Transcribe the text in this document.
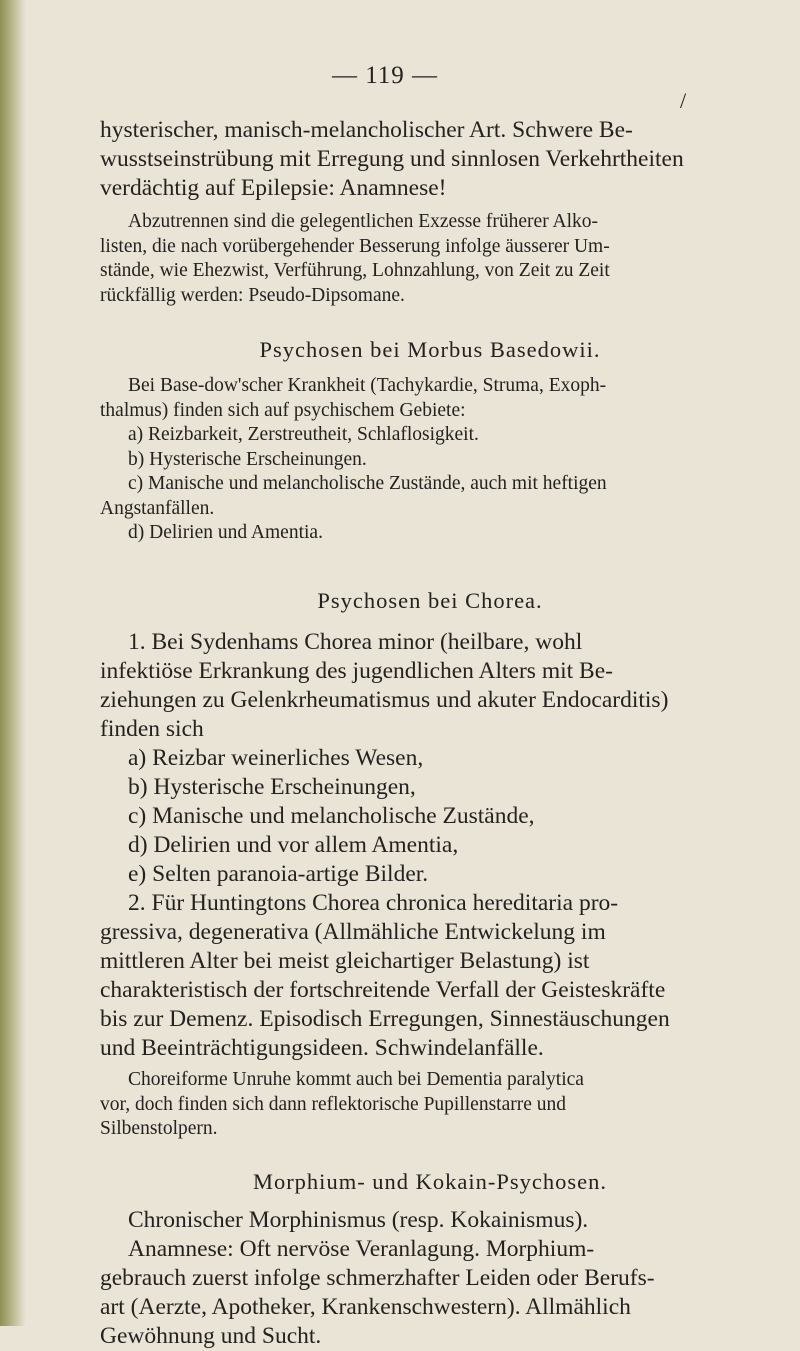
— 119 —
/
hysterischer, manisch-melancholischer Art. Schwere Be-
wusstseinstrübung mit Erregung und sinnlosen Verkehrtheiten
verdächtig auf Epilepsie: Anamnese!
Abzutrennen sind die gelegentlichen Exzesse früherer Alko-
listen, die nach vorübergehender Besserung infolge äusserer Um-
stände, wie Ehezwist, Verführung, Lohnzahlung, von Zeit zu Zeit
rückfällig werden: Pseudo-Dipsomane.
Psychosen bei Morbus Basedowii.
Bei Base-dow'scher Krankheit (Tachykardie, Struma, Exoph-
thalmus) finden sich auf psychischem Gebiete:
a) Reizbarkeit, Zerstreutheit, Schlaflosigkeit.
b) Hysterische Erscheinungen.
c) Manische und melancholische Zustände, auch mit heftigen
Angstanfällen.
d) Delirien und Amentia.
Psychosen bei Chorea.
1. Bei Sydenhams Chorea minor (heilbare, wohl
infektiöse Erkrankung des jugendlichen Alters mit Be-
ziehungen zu Gelenkrheumatismus und akuter Endocarditis)
finden sich
a) Reizbar weinerliches Wesen,
b) Hysterische Erscheinungen,
c) Manische und melancholische Zustände,
d) Delirien und vor allem Amentia,
e) Selten paranoia-artige Bilder.
2. Für Huntingtons Chorea chronica hereditaria pro-
gressiva, degenerativa (Allmähliche Entwickelung im
mittleren Alter bei meist gleichartiger Belastung) ist
charakteristisch der fortschreitende Verfall der Geisteskräfte
bis zur Demenz. Episodisch Erregungen, Sinnestäuschungen
und Beeinträchtigungsideen. Schwindelanfälle.
Choreiforme Unruhe kommt auch bei Dementia paralytica
vor, doch finden sich dann reflektorische Pupillenstarre und
Silbenstolpern.
Morphium- und Kokain-Psychosen.
Chronischer Morphinismus (resp. Kokainismus).
Anamnese: Oft nervöse Veranlagung. Morphium-
gebrauch zuerst infolge schmerzhafter Leiden oder Berufs-
art (Aerzte, Apotheker, Krankenschwestern). Allmählich
Gewöhnung und Sucht.
